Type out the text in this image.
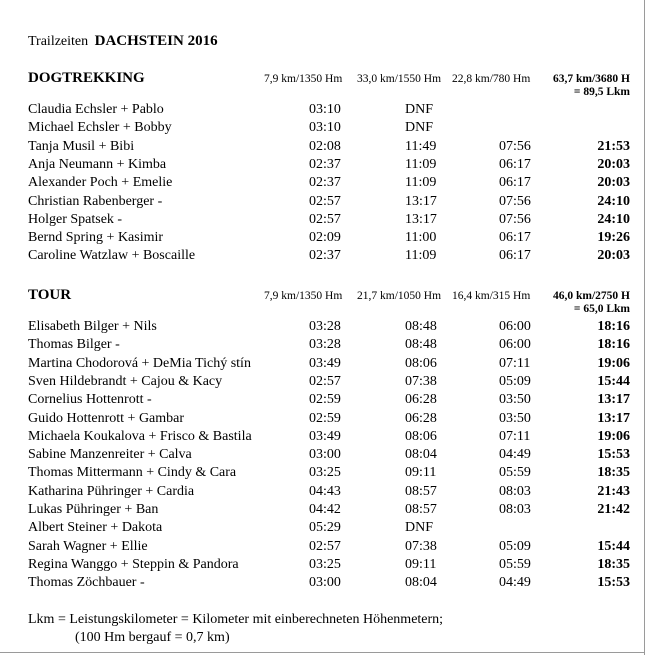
Trailzeiten DACHSTEIN 2016
DOGTREKKING	7,9 km/1350 Hm 33,0 km/1550 Hm 22,8 km/780 Hm	63,7 km/3680 H
= 89,5 Lkm
Claudia Echsler + Pablo	03:10	DNF
Michael Echsler + Bobby	03:10	DNF
Tanja Musil + Bibi	02:08	11:49	07:56	21:53
Anja Neumann + Kimba	02:37	11:09	06:17	20:03
Alexander Poch + Emelie	02:37	11:09	06:17	20:03
Christian Rabenberger -	02:57	13:17	07:56	24:10
Holger Spatsek -	02:57	13:17	07:56	24:10
Bernd Spring + Kasimir	02:09	11:00	06:17	19:26
Caroline Watzlaw + Boscaille	02:37	11:09	06:17	20:03
TOUR	7,9 km/1350 Hm 21,7 km/1050 Hm 16,4 km/315 Hm	46,0 km/2750 H
= 65,0 Lkm
Elisabeth Bilger + Nils	03:28	08:48	06:00	18:16
Thomas Bilger -	03:28	08:48	06:00	18:16
Martina Chodorová + DeMia Tichý stín	03:49	08:06	07:11	19:06
Sven Hildebrandt + Cajou & Kacy	02:57	07:38	05:09	15:44
Cornelius Hottenrott -	02:59	06:28	03:50	13:17
Guido Hottenrott + Gambar	02:59	06:28	03:50	13:17
Michaela Koukalova + Frisco & Bastila	03:49	08:06	07:11	19:06
Sabine Manzenreiter + Calva	03:00	08:04	04:49	15:53
Thomas Mittermann + Cindy & Cara	03:25	09:11	05:59	18:35
Katharina Pühringer + Cardia	04:43	08:57	08:03	21:43
Lukas Pühringer + Ban	04:42	08:57	08:03	21:42
Albert Steiner + Dakota	05:29	DNF
Sarah Wagner + Ellie	02:57	07:38	05:09	15:44
Regina Wanggo + Steppin & Pandora	03:25	09:11	05:59	18:35
Thomas Zöchbauer -	03:00	08:04	04:49	15:53
Lkm = Leistungskilometer = Kilometer mit einberechneten Höhenmetern;
(100 Hm bergauf = 0,7 km)
